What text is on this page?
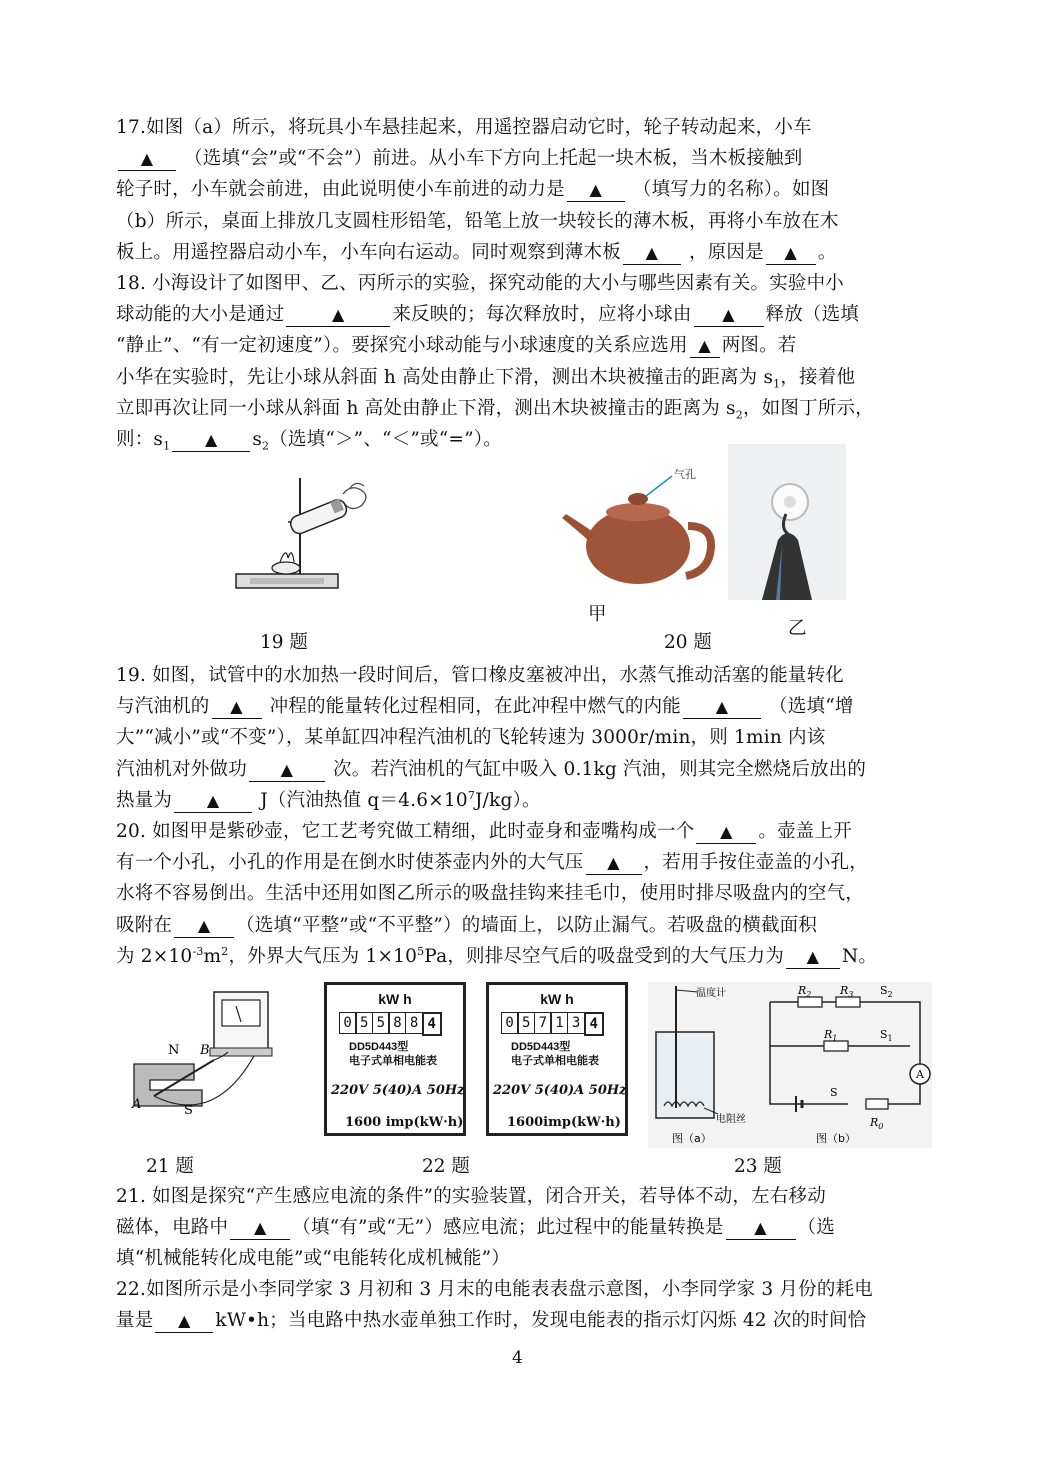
17.如图（a）所示，将玩具小车悬挂起来，用遥控器启动它时，轮子转动起来，小车
▲ （选填“会”或“不会”）前进。从小车下方向上托起一块木板，当木板接触到
轮子时，小车就会前进，由此说明使小车前进的动力是 ▲ （填写力的名称）。如图
（b）所示，桌面上排放几支圆柱形铅笔，铅笔上放一块较长的薄木板，再将小车放在木
板上。用遥控器启动小车，小车向右运动。同时观察到薄木板 ▲ ，原因是 ▲ 。
18. 小海设计了如图甲、乙、丙所示的实验，探究动能的大小与哪些因素有关。实验中小
球动能的大小是通过	▲	来反映的；每次释放时，应将小球由 ▲ 释放（选填
“静止”、“有一定初速度”）。要探究小球动能与小球速度的关系应选用 ▲ 两图。若
小华在实验时，先让小球从斜面 h 高处由静止下滑，测出木块被撞击的距离为 $s_1$，接着他
立即再次让同一小球从斜面 h 高处由静止下滑，测出木块被撞击的距离为 $s_2$，如图丁所示，
则：$s_1$ ▲ $s_2$（选填“＞”、“＜”或“=”）。
19 题
气孔
甲
乙
20 题
19. 如图，试管中的水加热一段时间后，管口橡皮塞被冲出，水蒸气推动活塞的能量转化
与汽油机的 ▲ 冲程的能量转化过程相同，在此冲程中燃气的内能 ▲ （选填“增
大”“减小”或“不变”），某单缸四冲程汽油机的飞轮转速为 3000r/min，则 1min 内该
汽油机对外做功 ▲ 次。若汽油机的气缸中吸入 0.1kg 汽油，则其完全燃烧后放出的
热量为 ▲ J（汽油热值 $q=4.6\times 10^7J/kg$）。
20. 如图甲是紫砂壶，它工艺考究做工精细，此时壶身和壶嘴构成一个 ▲ 。壶盖上开
有一个小孔，小孔的作用是在倒水时使茶壶内外的大气压 ▲ ，若用手按住壶盖的小孔，
水将不容易倒出。生活中还用如图乙所示的吸盘挂钩来挂毛巾，使用时排尽吸盘内的空气，
吸附在 ▲ （选填“平整”或“不平整”）的墙面上，以防止漏气。若吸盘的横截面积
为 $2\times 10^{-3}m^2$，外界大气压为 $1\times 10^5Pa$，则排尽空气后的吸盘受到的大气压力为 ▲ N。
N
S
A
B
21 题
kW h
0 5 5 8 8 4
DD5D443型
电子式单相电能表
220V 5(40)A 50Hz
1600 imp(kW·h)
kW h
0 5 7 1 3 4
DD5D443型
电子式单相电能表
220V 5(40)A 50Hz
1600imp(kW·h)
22 题
温度计
电阻丝
图（a）
A
$R_2$	$R_3$ $S_2$
$R_1$	$S_1$
S
$R_0$
图（b）
23 题
21. 如图是探究“产生感应电流的条件”的实验装置，闭合开关，若导体不动，左右移动
磁体，电路中 ▲ （填“有”或“无”）感应电流；此过程中的能量转换是 ▲ （选
填“机械能转化成电能”或“电能转化成机械能”）
22.如图所示是小李同学家 3 月初和 3 月末的电能表表盘示意图，小李同学家 3 月份的耗电
量是 ▲ kW•h；当电路中热水壶单独工作时，发现电能表的指示灯闪烁 42 次的时间恰
4
